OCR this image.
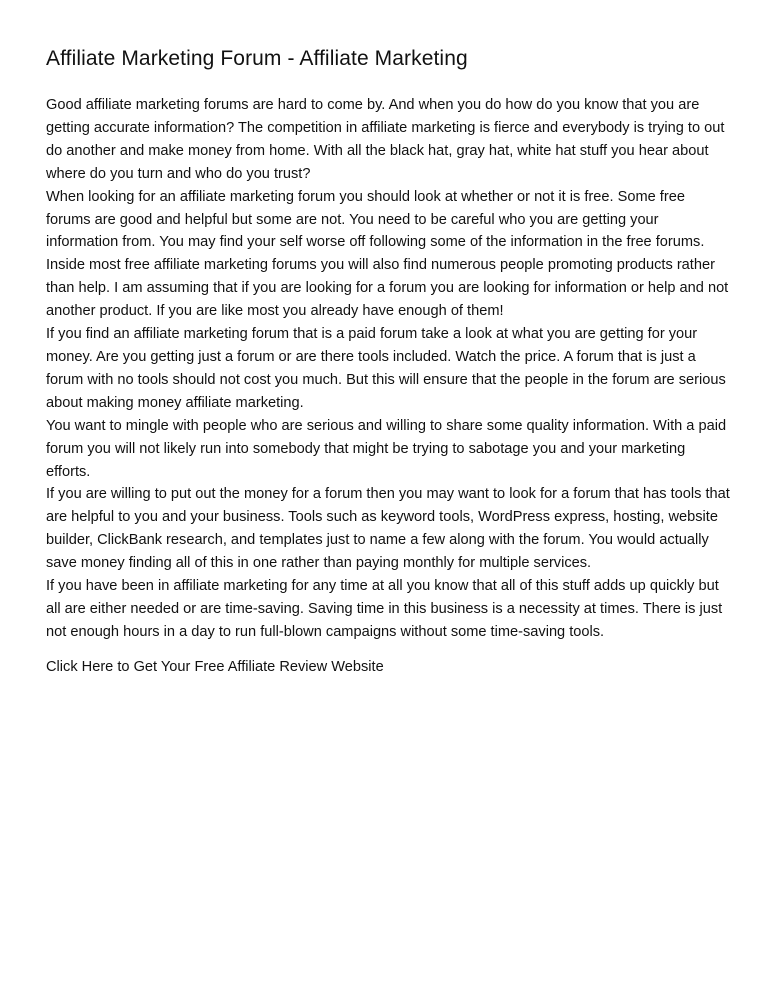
Affiliate Marketing Forum - Affiliate Marketing

Good affiliate marketing forums are hard to come by. And when you do how do you know that you are getting accurate information? The competition in affiliate marketing is fierce and everybody is trying to out do another and make money from home. With all the black hat, gray hat, white hat stuff you hear about where do you turn and who do you trust?

When looking for an affiliate marketing forum you should look at whether or not it is free. Some free forums are good and helpful but some are not. You need to be careful who you are getting your information from. You may find your self worse off following some of the information in the free forums.

Inside most free affiliate marketing forums you will also find numerous people promoting products rather than help. I am assuming that if you are looking for a forum you are looking for information or help and not another product. If you are like most you already have enough of them!

If you find an affiliate marketing forum that is a paid forum take a look at what you are getting for your money. Are you getting just a forum or are there tools included. Watch the price. A forum that is just a forum with no tools should not cost you much. But this will ensure that the people in the forum are serious about making money affiliate marketing.

You want to mingle with people who are serious and willing to share some quality information. With a paid forum you will not likely run into somebody that might be trying to sabotage you and your marketing efforts.

If you are willing to put out the money for a forum then you may want to look for a forum that has tools that are helpful to you and your business. Tools such as keyword tools, WordPress express, hosting, website builder, ClickBank research, and templates just to name a few along with the forum. You would actually save money finding all of this in one rather than paying monthly for multiple services.

If you have been in affiliate marketing for any time at all you know that all of this stuff adds up quickly but all are either needed or are time-saving. Saving time in this business is a necessity at times. There is just not enough hours in a day to run full-blown campaigns without some time-saving tools.

Click Here to Get Your Free Affiliate Review Website
